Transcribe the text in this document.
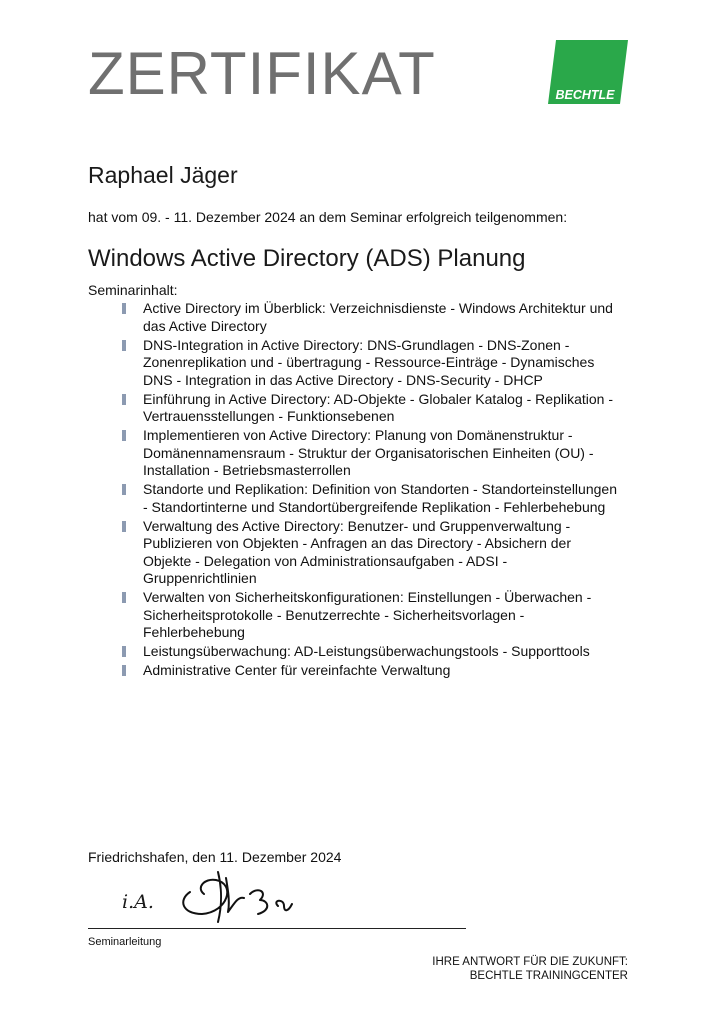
ZERTIFIKAT	BECHTLE
Raphael Jäger
hat vom 09. - 11. Dezember 2024 an dem Seminar erfolgreich teilgenommen:
Windows Active Directory (ADS) Planung
Seminarinhalt:
Active Directory im Überblick: Verzeichnisdienste - Windows Architektur und das Active Directory
DNS-Integration in Active Directory: DNS-Grundlagen - DNS-Zonen - Zonenreplikation und - übertragung - Ressource-Einträge - Dynamisches DNS - Integration in das Active Directory - DNS-Security - DHCP
Einführung in Active Directory: AD-Objekte - Globaler Katalog - Replikation - Vertrauensstellungen - Funktionsebenen
Implementieren von Active Directory: Planung von Domänenstruktur - Domänennamensraum - Struktur der Organisatorischen Einheiten (OU) - Installation - Betriebsmasterrollen
Standorte und Replikation: Definition von Standorten - Standorteinstellungen - Standortinterne und Standortübergreifende Replikation - Fehlerbehebung
Verwaltung des Active Directory: Benutzer- und Gruppenverwaltung - Publizieren von Objekten - Anfragen an das Directory - Absichern der Objekte - Delegation von Administrationsaufgaben - ADSI - Gruppenrichtlinien
Verwalten von Sicherheitskonfigurationen: Einstellungen - Überwachen - Sicherheitsprotokolle - Benutzerrechte - Sicherheitsvorlagen - Fehlerbehebung
Leistungsüberwachung: AD-Leistungsüberwachungstools - Supporttools
Administrative Center für vereinfachte Verwaltung
Friedrichshafen, den 11. Dezember 2024
i.A.
Seminarleitung
IHRE ANTWORT FÜR DIE ZUKUNFT:
BECHTLE TRAININGCENTER
